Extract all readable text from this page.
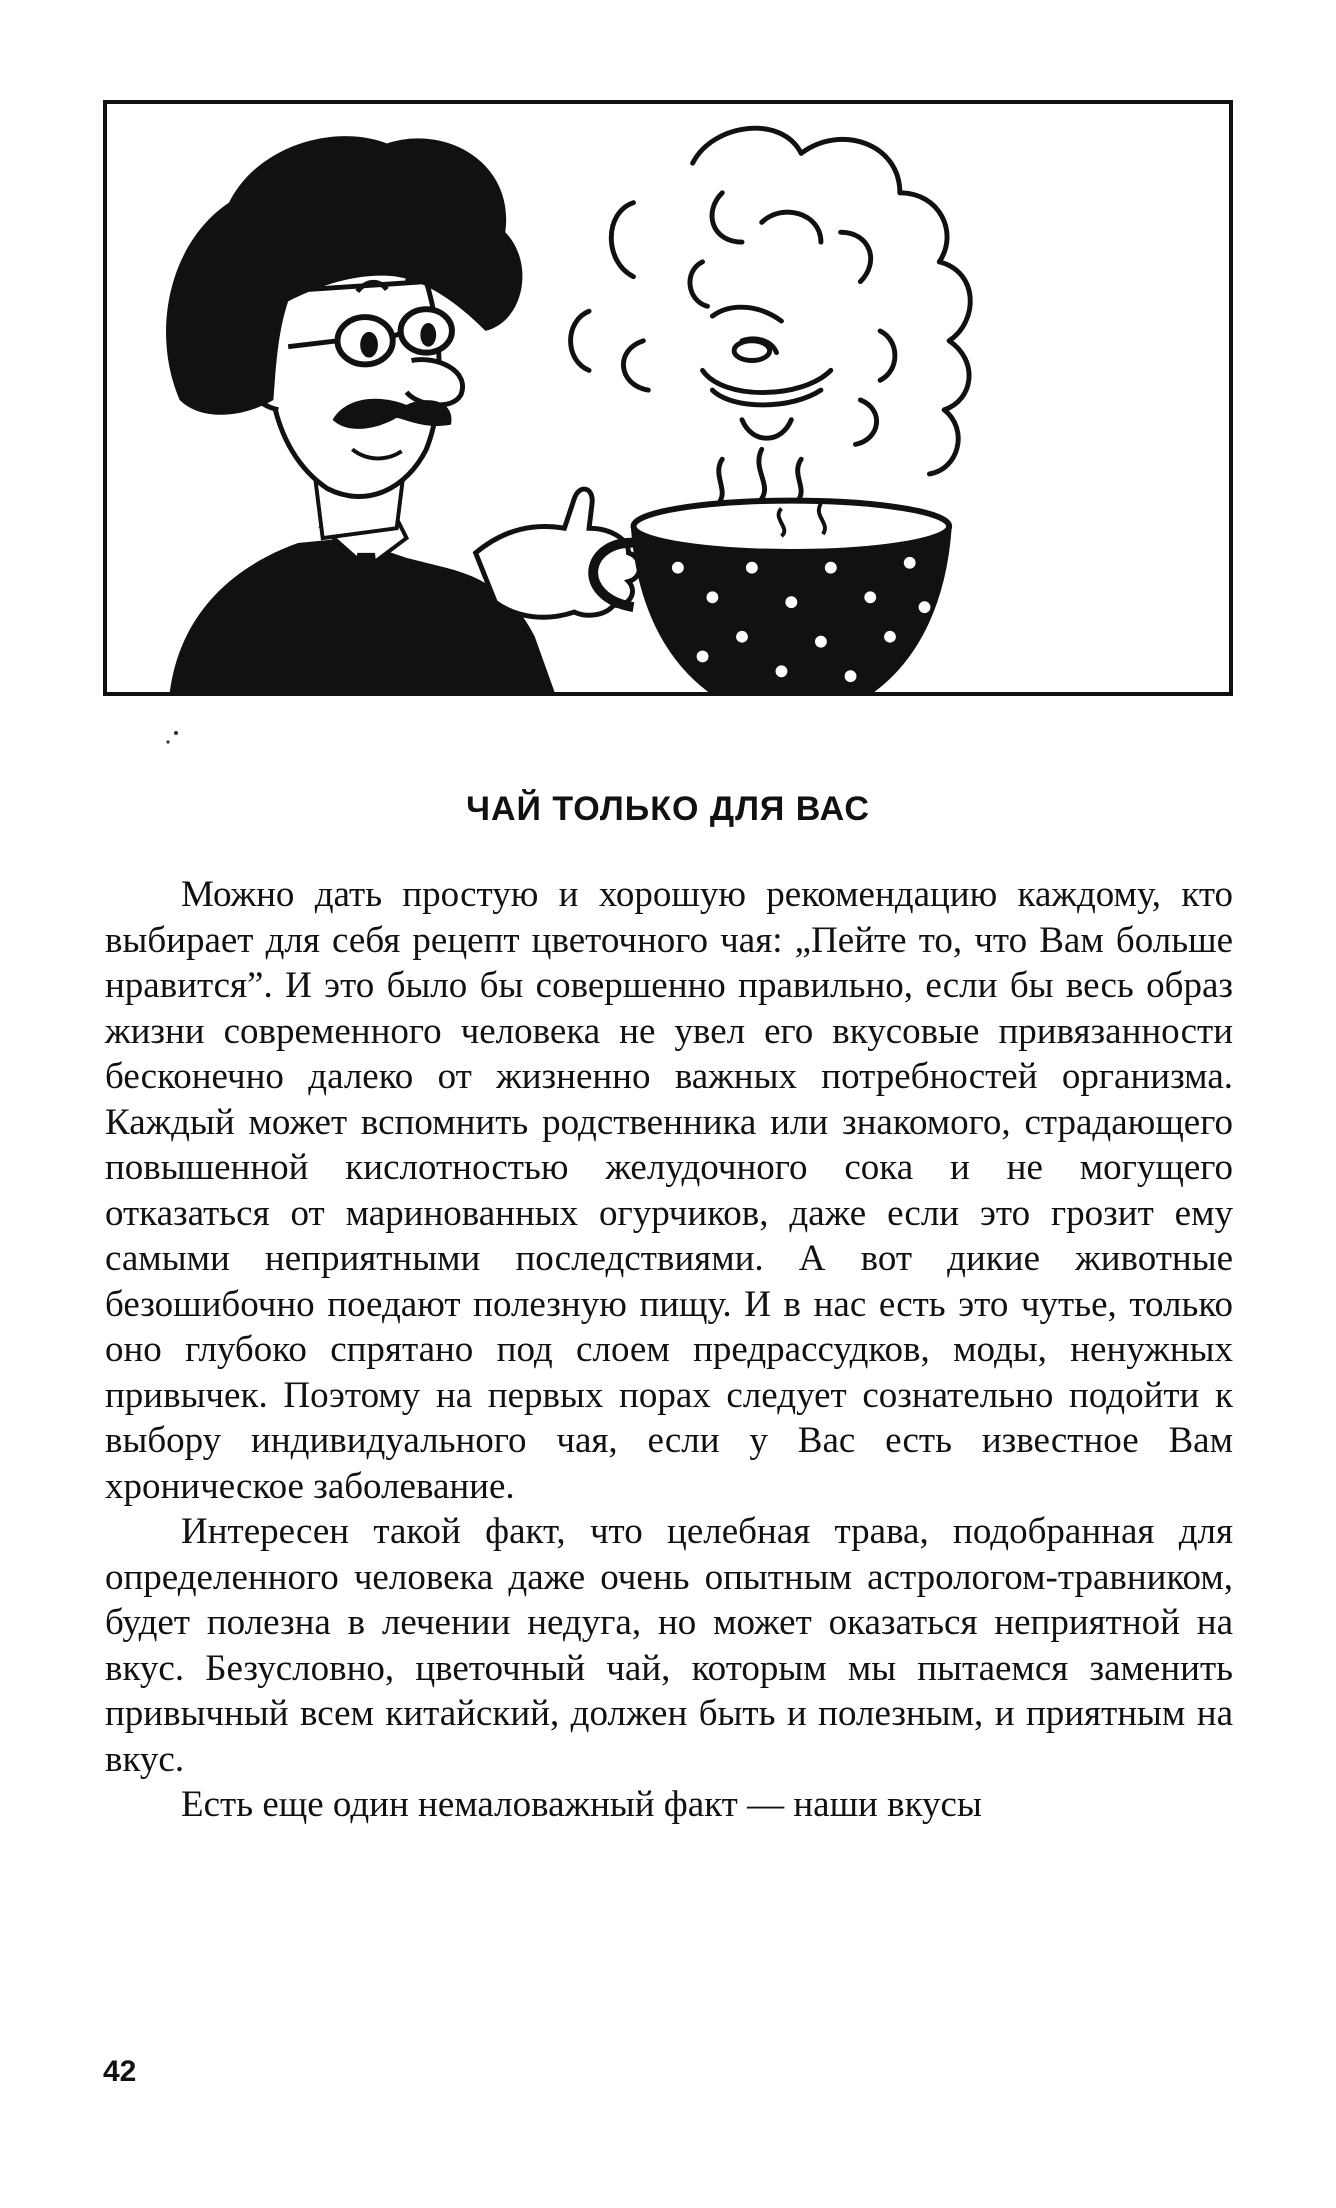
ЧАЙ ТОЛЬКО ДЛЯ ВАС

Можно дать простую и хорошую рекомендацию каждому, кто выбирает для себя рецепт цветочного чая: „Пейте то, что Вам больше нравится”. И это было бы совершенно правильно, если бы весь образ жизни современного человека не увел его вкусовые привязанности бесконечно далеко от жизненно важных потребностей организма. Каждый может вспомнить родственника или знакомого, страдающего повышенной кислотностью желудочного сока и не могущего отказаться от маринованных огурчиков, даже если это грозит ему самыми неприятными последствиями. А вот дикие животные безошибочно поедают полезную пищу. И в нас есть это чутье, только оно глубоко спрятано под слоем предрассудков, моды, ненужных привычек. Поэтому на первых порах следует сознательно подойти к выбору индивидуального чая, если у Вас есть известное Вам хроническое заболевание.

Интересен такой факт, что целебная трава, подобранная для определенного человека даже очень опытным астрологом-травником, будет полезна в лечении недуга, но может оказаться неприятной на вкус. Безусловно, цветочный чай, которым мы пытаемся заменить привычный всем китайский, должен быть и полезным, и приятным на вкус.

Есть еще один немаловажный факт — наши вкусы

42
